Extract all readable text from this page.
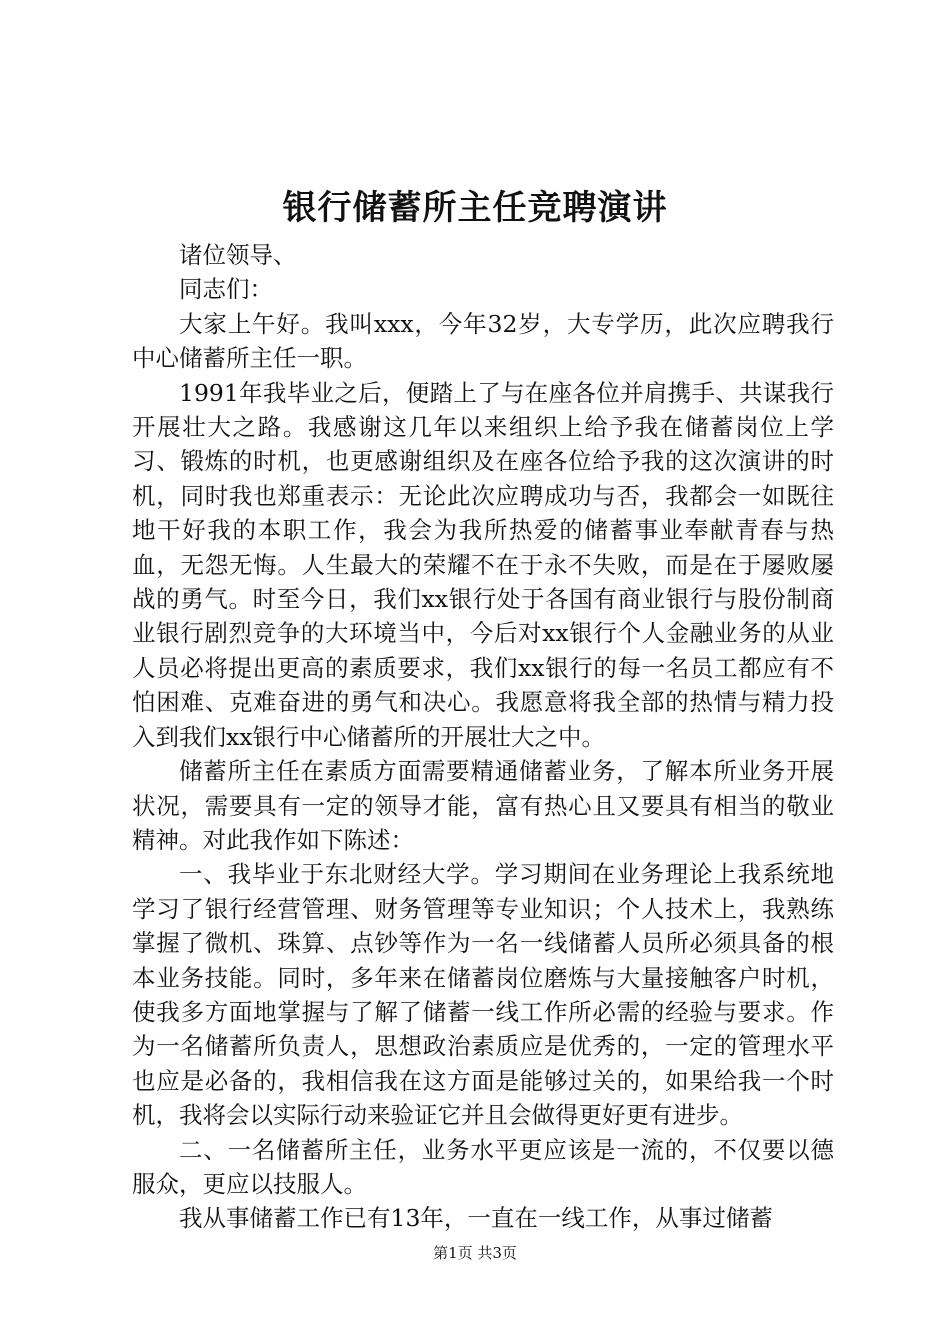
银行储蓄所主任竞聘演讲

诸位领导、

同志们：

大家上午好。我叫xxx，今年32岁，大专学历，此次应聘我行中心储蓄所主任一职。

1991年我毕业之后，便踏上了与在座各位并肩携手、共谋我行开展壮大之路。我感谢这几年以来组织上给予我在储蓄岗位上学习、锻炼的时机，也更感谢组织及在座各位给予我的这次演讲的时机，同时我也郑重表示：无论此次应聘成功与否，我都会一如既往地干好我的本职工作，我会为我所热爱的储蓄事业奉献青春与热血，无怨无悔。人生最大的荣耀不在于永不失败，而是在于屡败屡战的勇气。时至今日，我们xx银行处于各国有商业银行与股份制商业银行剧烈竞争的大环境当中，今后对xx银行个人金融业务的从业人员必将提出更高的素质要求，我们xx银行的每一名员工都应有不怕困难、克难奋进的勇气和决心。我愿意将我全部的热情与精力投入到我们xx银行中心储蓄所的开展壮大之中。

储蓄所主任在素质方面需要精通储蓄业务，了解本所业务开展状况，需要具有一定的领导才能，富有热心且又要具有相当的敬业精神。对此我作如下陈述：

一、我毕业于东北财经大学。学习期间在业务理论上我系统地学习了银行经营管理、财务管理等专业知识；个人技术上，我熟练掌握了微机、珠算、点钞等作为一名一线储蓄人员所必须具备的根本业务技能。同时，多年来在储蓄岗位磨炼与大量接触客户时机，使我多方面地掌握与了解了储蓄一线工作所必需的经验与要求。作为一名储蓄所负责人，思想政治素质应是优秀的，一定的管理水平也应是必备的，我相信我在这方面是能够过关的，如果给我一个时机，我将会以实际行动来验证它并且会做得更好更有进步。

二、一名储蓄所主任，业务水平更应该是一流的，不仅要以德服众，更应以技服人。

我从事储蓄工作已有13年，一直在一线工作，从事过储蓄

第1页 共3页
